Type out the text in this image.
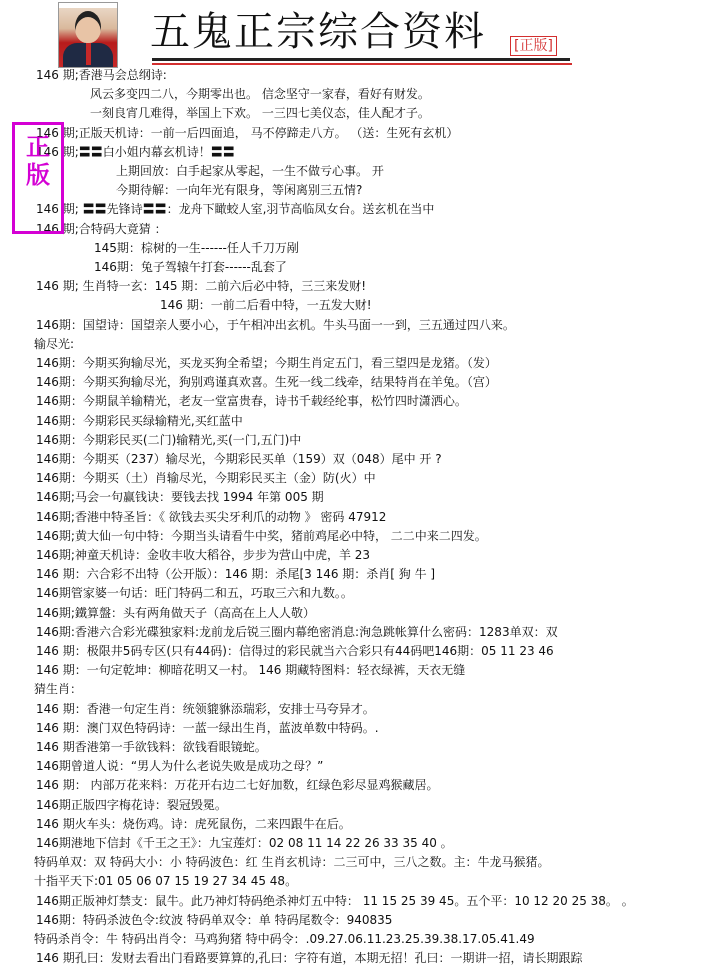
五鬼正宗综合资料 [正版]
正版
146 期;香港马会总纲诗:
风云多变四二八，今期零出也。 信念坚守一家春，看好有财发。
一刻良宵几难得，举国上下欢。 一三四七美仪态，佳人配才子。
146 期;正版天机诗：一前一后四面追， 马不停蹄走八方。 （送：生死有玄机）
146 期;〓〓白小姐内幕玄机诗！〓〓
上期回放：白手起家从零起，一生不做亏心事。 开
今期待解：一向年光有限身，等闲离别三五情?
146 期; 〓〓先锋诗〓〓：龙舟下瞰蛟人室,羽节高临凤女台。送玄机在当中
146 期;合特码大竟猜 ：
145期：棕树的一生------任人千刀万剐
146期：兔子驾辕午打套------乱套了
146 期; 生肖特一玄：145 期：二前六后必中特，三三来发财!
146 期：一前二后看中特，一五发大财!
146期：国望诗：国望亲人要小心，于午相冲出玄机。牛头马面一一到，三五通过四八来。
输尽光:
146期：今期买狗输尽光，买龙买狗全希望；今期生肖定五门，看三望四是龙猪。（发）
146期：今期买狗输尽光，狗别鸡谨真欢喜。生死一线二线牵，结果特肖在羊兔。（宫）
146期：今期鼠羊输精光，老友一堂富贵春，诗书千载经纶事，松竹四时潇洒心。
146期：今期彩民买绿输精光,买红蓝中
146期：今期彩民买(二门)输精光,买(一门,五门)中
146期：今期买（237）输尽光，今期彩民买单（159）双（048）尾中 开 ?
146期：今期买（土）肖输尽光，今期彩民买主（金）防(火）中
146期;马会一句赢钱诀：要钱去找 1994 年第 005 期
146期;香港中特圣旨：《 欲钱去买尖牙利爪的动物 》 密码 47912
146期;黄大仙一句中特：今期当头请看牛中奖，猪前鸡尾必中特， 二二中来二四发。
146期;神童天机诗：金收丰收大稻谷，步步为营山中虎，羊 23
146 期：六合彩不出特（公开版）：146 期：杀尾[3 146 期：杀肖[ 狗 牛 ]
146期管家婆一句话：旺门特码二和五，巧取三六和九数。。
146期;鐵算盤：头有两角做天子（高高在上人人敬）
146期:香港六合彩光碟独家料:龙前龙后锐三圈内幕绝密消息:洵急跳帐算什么密码：1283单双：双
146 期：极限井5码专区(只有44码)：信得过的彩民就当六合彩只有44码吧146期：05 11 23 46
146 期：一句定乾坤：柳暗花明又一村。 146 期藏特图料：轻衣绿裤，天衣无缝
猜生肖：
146 期：香港一句定生肖：统领貔貅添瑞彩，安排士马夸异才。
146 期：澳门双色特码诗：一蓝一绿出生肖，蓝波单数中特码。.
146 期香港第一手欲钱料：欲钱看眼镜蛇。
146期曾道人说：“男人为什么老说失败是成功之母？”
146 期： 内部万花来料：万花开右边二七好加数，红绿色彩尽显鸡猴藏居。
146期正版四字梅花诗：裂冠毁冕。
146 期火车头：烧伤鸡。诗：虎死鼠伤，二来四跟牛在后。
146期港地下信封《千王之王》：九宝莲灯：02 08 11 14 22 26 33 35 40 。
特码单双：双 特码大小：小 特码波色：红 生肖玄机诗：二三可中，三八之数。主：牛龙马猴猪。
十指平天下:01 05 06 07 15 19 27 34 45 48。
146期正版神灯禁支：鼠牛。此乃神灯特码绝杀神灯五中特： 11 15 25 39 45。五个平：10 12 20 25 38。 。
146期：特码杀波色令:纹波 特码单双令：单 特码尾数令：940835
特码杀肖令：牛 特码出肖令：马鸡狗猪 特中码令：.09.27.06.11.23.25.39.38.17.05.41.49
146 期孔曰：发财去看出门看路要算算的,孔曰：字符有道，本期无招！孔曰：一期讲一招，请长期跟踪
